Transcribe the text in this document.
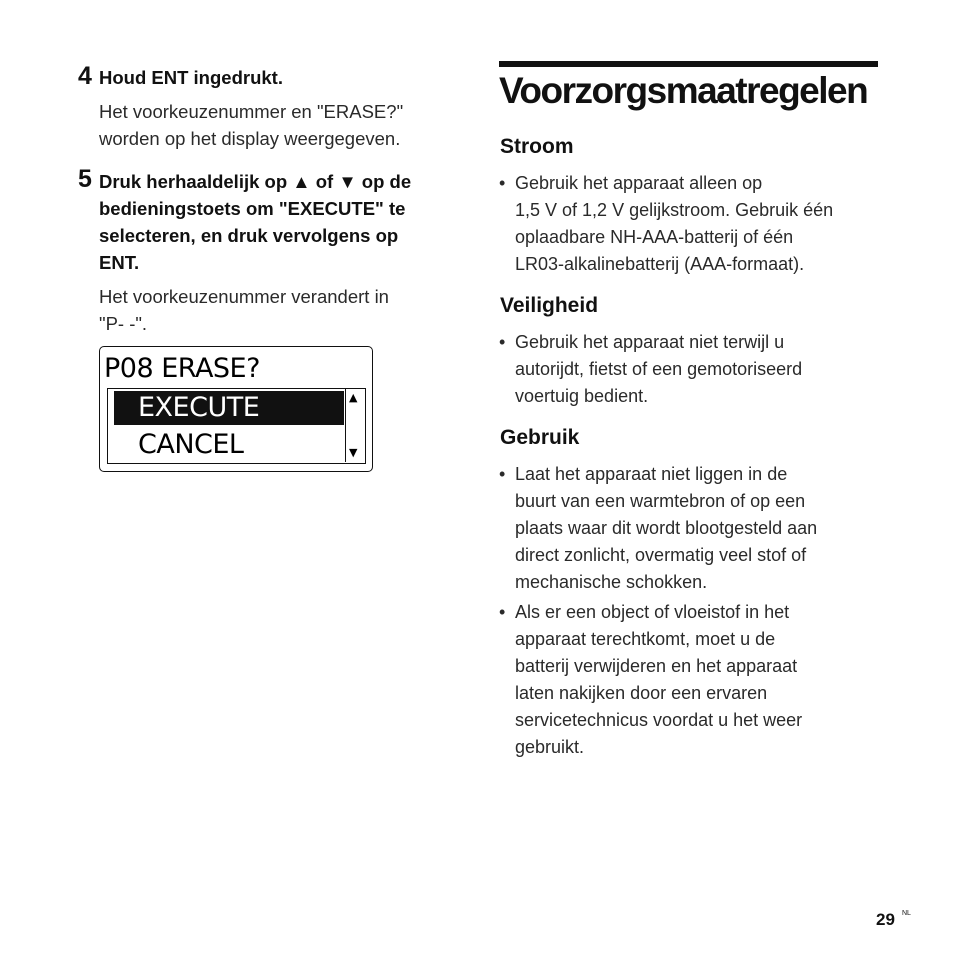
4 Houd ENT ingedrukt.
Het voorkeuzenummer en "ERASE?"
worden op het display weergegeven.
5 Druk herhaaldelijk op ▲ of ▼ op de
bedieningstoets om "EXECUTE" te
selecteren, en druk vervolgens op
ENT.
Het voorkeuzenummer verandert in
"P- -".
P08 ERASE?
EXECUTE
CANCEL
▲
▼
Voorzorgsmaatregelen
Stroom
• Gebruik het apparaat alleen op
1,5 V of 1,2 V gelijkstroom. Gebruik één
oplaadbare NH-AAA-batterij of één
LR03-alkalinebatterij (AAA-formaat).
Veiligheid
• Gebruik het apparaat niet terwijl u
autorijdt, fietst of een gemotoriseerd
voertuig bedient.
Gebruik
• Laat het apparaat niet liggen in de
buurt van een warmtebron of op een
plaats waar dit wordt blootgesteld aan
direct zonlicht, overmatig veel stof of
mechanische schokken.
• Als er een object of vloeistof in het
apparaat terechtkomt, moet u de
batterij verwijderen en het apparaat
laten nakijken door een ervaren
servicetechnicus voordat u het weer
gebruikt.
29 NL
